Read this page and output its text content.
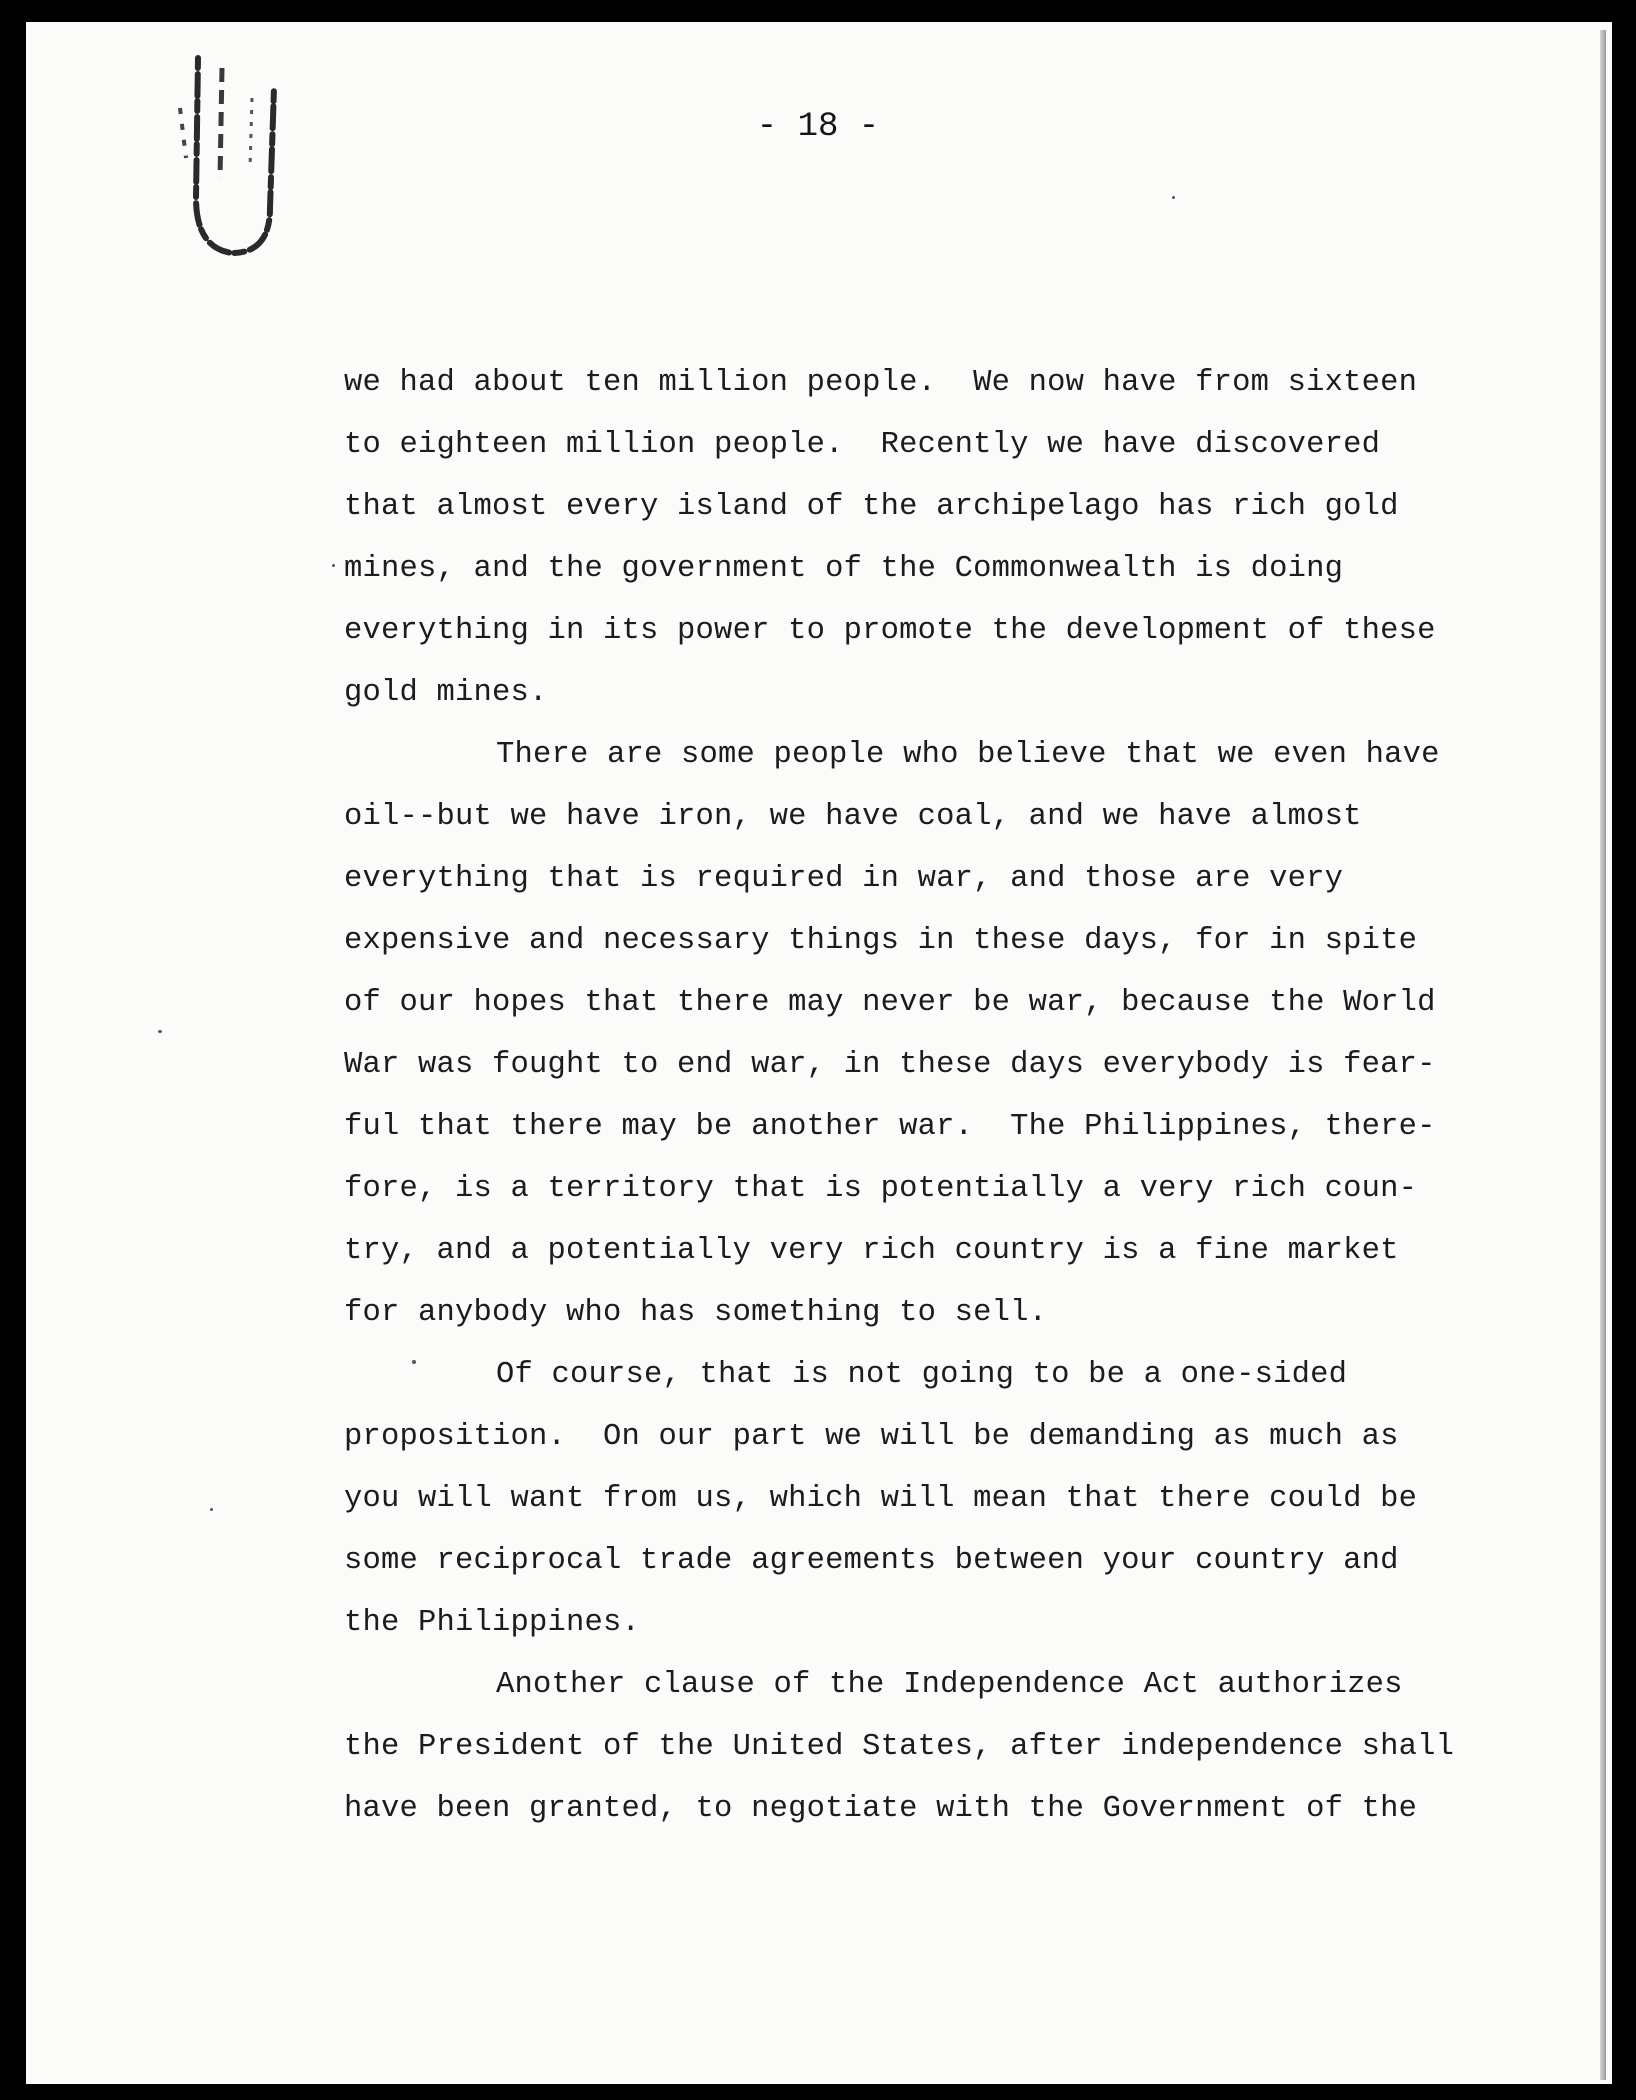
- 18 -
we had about ten million people.  We now have from sixteen
to eighteen million people.  Recently we have discovered
that almost every island of the archipelago has rich gold
mines, and the government of the Commonwealth is doing
everything in its power to promote the development of these
gold mines.
There are some people who believe that we even have
oil--but we have iron, we have coal, and we have almost
everything that is required in war, and those are very
expensive and necessary things in these days, for in spite
of our hopes that there may never be war, because the World
War was fought to end war, in these days everybody is fear-
ful that there may be another war.  The Philippines, there-
fore, is a territory that is potentially a very rich coun-
try, and a potentially very rich country is a fine market
for anybody who has something to sell.
Of course, that is not going to be a one-sided
proposition.  On our part we will be demanding as much as
you will want from us, which will mean that there could be
some reciprocal trade agreements between your country and
the Philippines.
Another clause of the Independence Act authorizes
the President of the United States, after independence shall
have been granted, to negotiate with the Government of the
